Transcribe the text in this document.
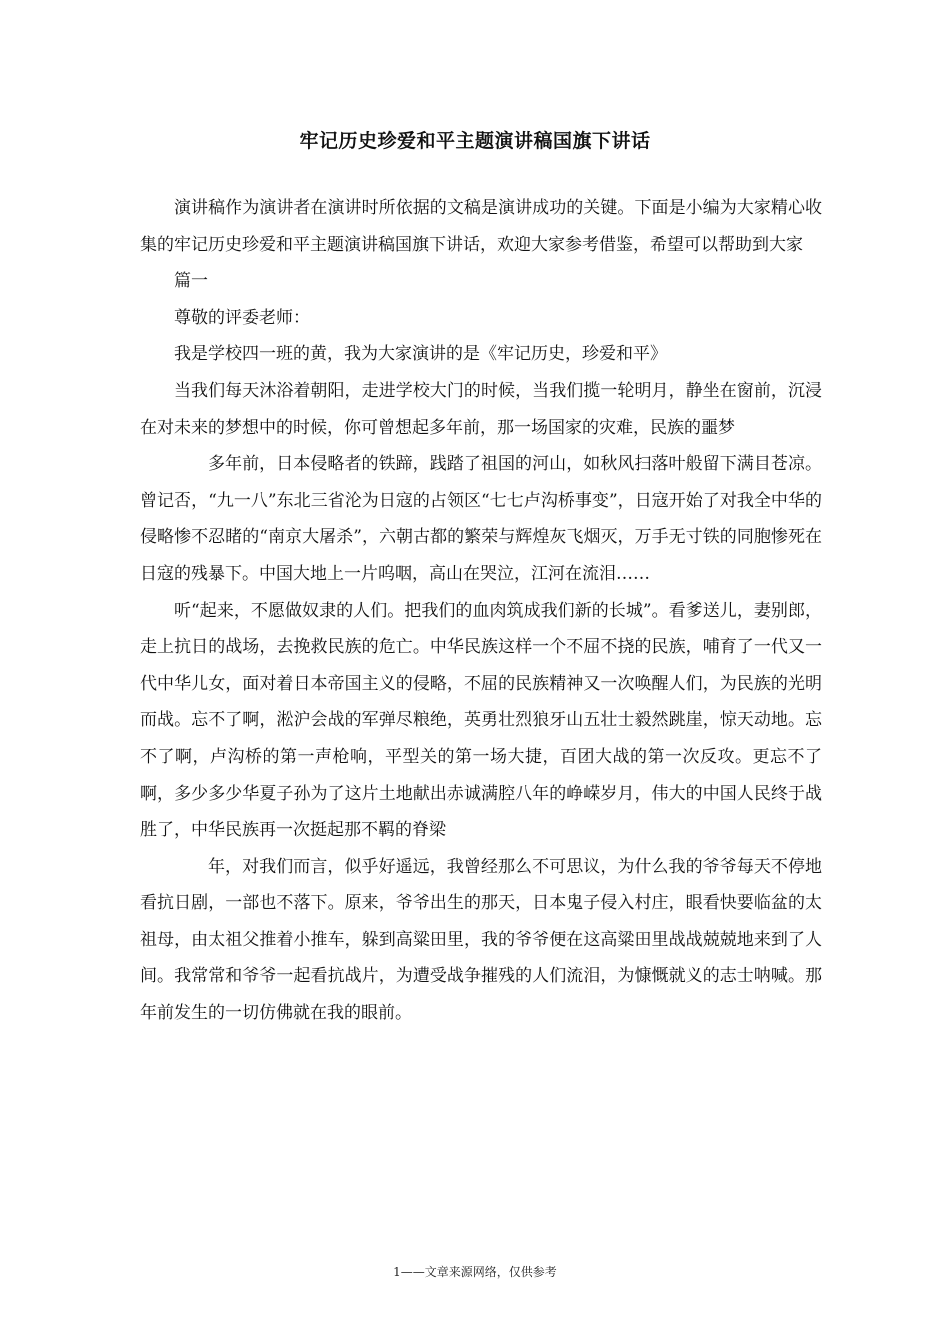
牢记历史珍爱和平主题演讲稿国旗下讲话

演讲稿作为演讲者在演讲时所依据的文稿是演讲成功的关键。下面是小编为大家精心收集的牢记历史珍爱和平主题演讲稿国旗下讲话，欢迎大家参考借鉴，希望可以帮助到大家

篇一

尊敬的评委老师：

我是学校四一班的黄，我为大家演讲的是《牢记历史，珍爱和平》

当我们每天沐浴着朝阳，走进学校大门的时候，当我们揽一轮明月，静坐在窗前，沉浸在对未来的梦想中的时候，你可曾想起多年前，那一场国家的灾难，民族的噩梦

多年前，日本侵略者的铁蹄，践踏了祖国的河山，如秋风扫落叶般留下满目苍凉。曾记否，“九一八”东北三省沦为日寇的占领区“七七卢沟桥事变”，日寇开始了对我全中华的侵略惨不忍睹的“南京大屠杀”，六朝古都的繁荣与辉煌灰飞烟灭，万手无寸铁的同胞惨死在日寇的残暴下。中国大地上一片呜咽，高山在哭泣，江河在流泪……

听“起来，不愿做奴隶的人们。把我们的血肉筑成我们新的长城”。看爹送儿，妻别郎，走上抗日的战场，去挽救民族的危亡。中华民族这样一个不屈不挠的民族，哺育了一代又一代中华儿女，面对着日本帝国主义的侵略，不屈的民族精神又一次唤醒人们，为民族的光明而战。忘不了啊，淞沪会战的军弹尽粮绝，英勇壮烈狼牙山五壮士毅然跳崖，惊天动地。忘不了啊，卢沟桥的第一声枪响，平型关的第一场大捷，百团大战的第一次反攻。更忘不了啊，多少多少华夏子孙为了这片土地献出赤诚满腔八年的峥嵘岁月，伟大的中国人民终于战胜了，中华民族再一次挺起那不羁的脊梁

年，对我们而言，似乎好遥远，我曾经那么不可思议，为什么我的爷爷每天不停地看抗日剧，一部也不落下。原来，爷爷出生的那天，日本鬼子侵入村庄，眼看快要临盆的太祖母，由太祖父推着小推车，躲到高粱田里，我的爷爷便在这高粱田里战战兢兢地来到了人间。我常常和爷爷一起看抗战片，为遭受战争摧残的人们流泪，为慷慨就义的志士呐喊。那年前发生的一切仿佛就在我的眼前。

1——文章来源网络，仅供参考
